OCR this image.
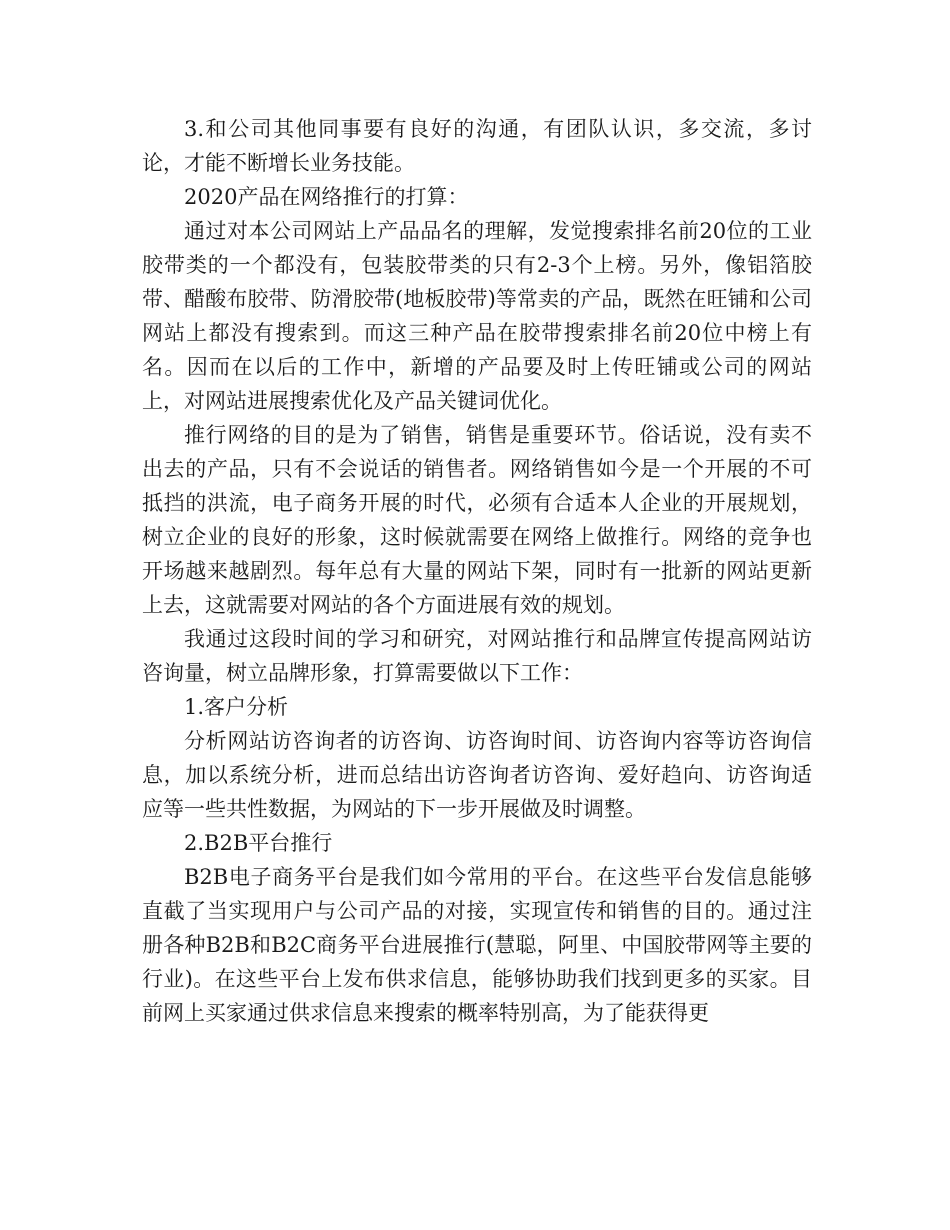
3.和公司其他同事要有良好的沟通，有团队认识，多交流，多讨论，才能不断增长业务技能。

2020产品在网络推行的打算：

通过对本公司网站上产品品名的理解，发觉搜索排名前20位的工业胶带类的一个都没有，包装胶带类的只有2-3个上榜。另外，像铝箔胶带、醋酸布胶带、防滑胶带(地板胶带)等常卖的产品，既然在旺铺和公司网站上都没有搜索到。而这三种产品在胶带搜索排名前20位中榜上有名。因而在以后的工作中，新增的产品要及时上传旺铺或公司的网站上，对网站进展搜索优化及产品关键词优化。

推行网络的目的是为了销售，销售是重要环节。俗话说，没有卖不出去的产品，只有不会说话的销售者。网络销售如今是一个开展的不可抵挡的洪流，电子商务开展的时代，必须有合适本人企业的开展规划，树立企业的良好的形象，这时候就需要在网络上做推行。网络的竞争也开场越来越剧烈。每年总有大量的网站下架，同时有一批新的网站更新上去，这就需要对网站的各个方面进展有效的规划。

我通过这段时间的学习和研究，对网站推行和品牌宣传提高网站访咨询量，树立品牌形象，打算需要做以下工作：

1.客户分析

分析网站访咨询者的访咨询、访咨询时间、访咨询内容等访咨询信息，加以系统分析，进而总结出访咨询者访咨询、爱好趋向、访咨询适应等一些共性数据，为网站的下一步开展做及时调整。

2.B2B平台推行

B2B电子商务平台是我们如今常用的平台。在这些平台发信息能够直截了当实现用户与公司产品的对接，实现宣传和销售的目的。通过注册各种B2B和B2C商务平台进展推行(慧聪，阿里、中国胶带网等主要的行业)。在这些平台上发布供求信息，能够协助我们找到更多的买家。目前网上买家通过供求信息来搜索的概率特别高，为了能获得更
